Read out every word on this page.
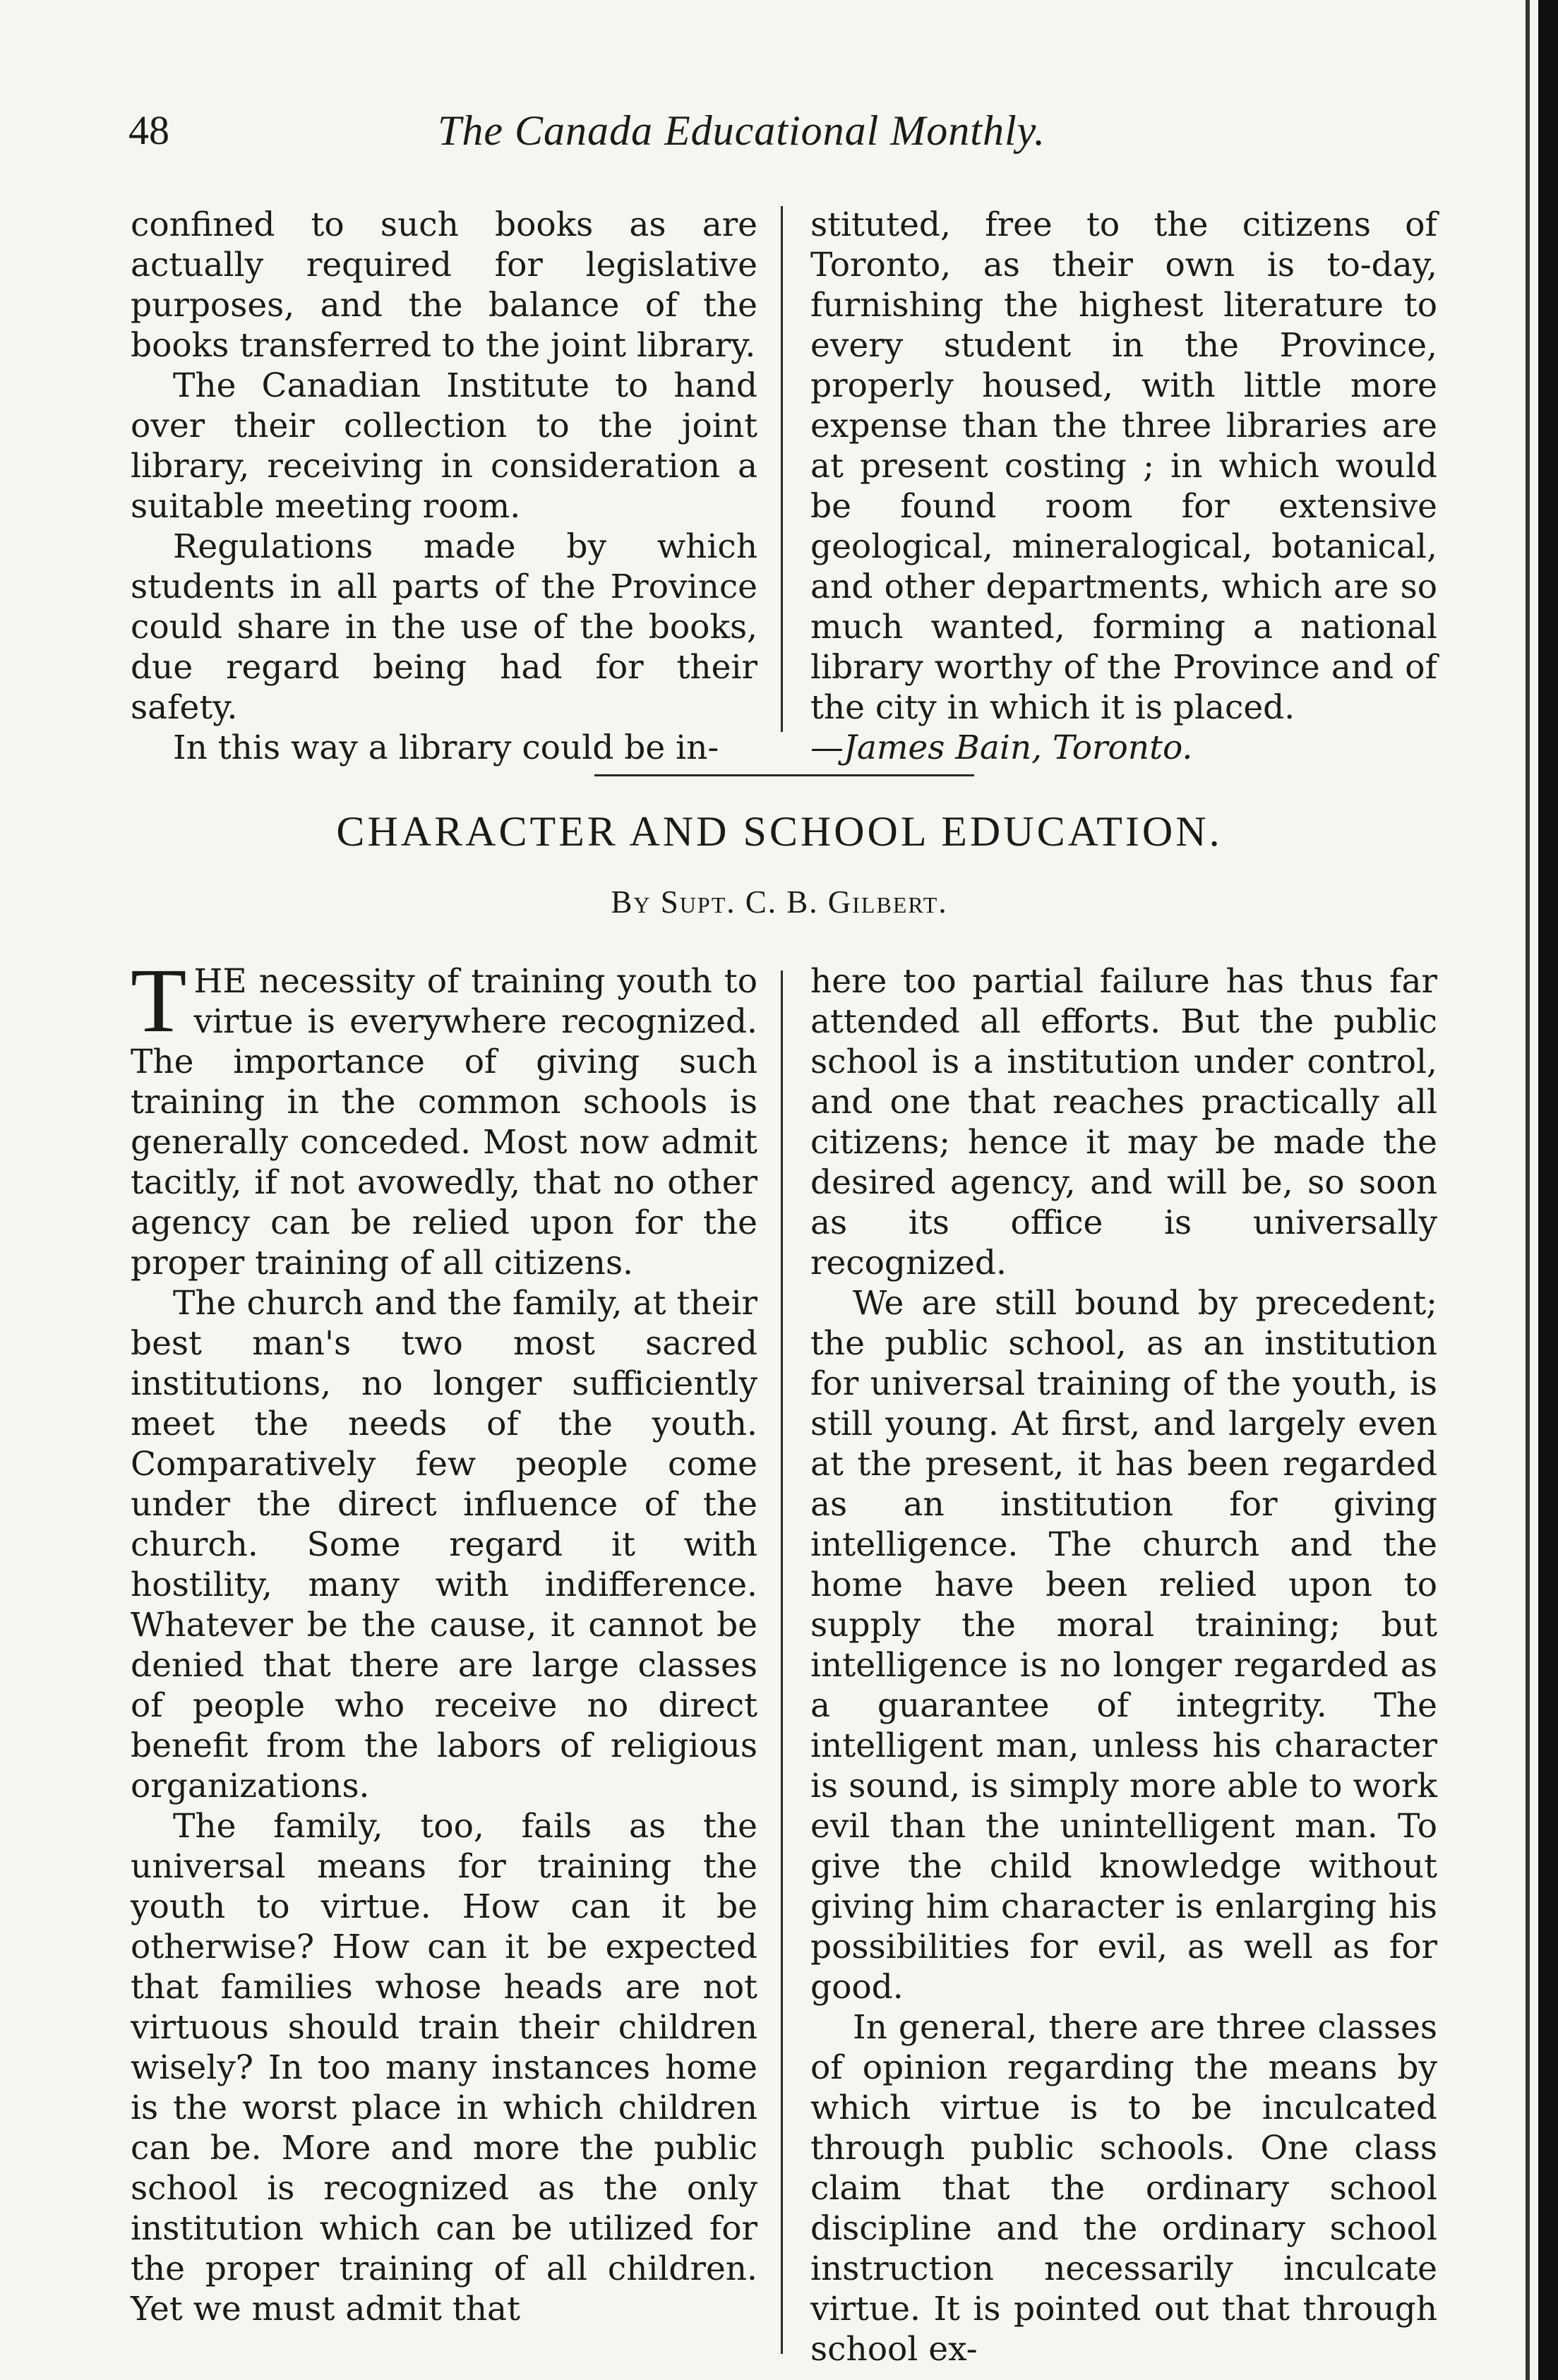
48	The Canada Educational Monthly.

confined to such books as are actually required for legislative purposes, and the balance of the books transferred to the joint library.

The Canadian Institute to hand over their collection to the joint library, receiving in consideration a suitable meeting room.

Regulations made by which students in all parts of the Province could share in the use of the books, due regard being had for their safety.

In this way a library could be in-

stituted, free to the citizens of Toronto, as their own is to-day, furnishing the highest literature to every student in the Province, properly housed, with little more expense than the three libraries are at present costing ; in which would be found room for extensive geological, mineralogical, botanical, and other departments, which are so much wanted, forming a national library worthy of the Province and of the city in which it is placed.

—James Bain, Toronto.

CHARACTER AND SCHOOL EDUCATION.
By Supt. C. B. Gilbert.

THE necessity of training youth to virtue is everywhere recognized. The importance of giving such training in the common schools is generally conceded. Most now admit tacitly, if not avowedly, that no other agency can be relied upon for the proper training of all citizens.

The church and the family, at their best man's two most sacred institutions, no longer sufficiently meet the needs of the youth. Comparatively few people come under the direct influence of the church. Some regard it with hostility, many with indifference. Whatever be the cause, it cannot be denied that there are large classes of people who receive no direct benefit from the labors of religious organizations.

The family, too, fails as the universal means for training the youth to virtue. How can it be otherwise? How can it be expected that families whose heads are not virtuous should train their children wisely? In too many instances home is the worst place in which children can be. More and more the public school is recognized as the only institution which can be utilized for the proper training of all children. Yet we must admit that

here too partial failure has thus far attended all efforts. But the public school is a institution under control, and one that reaches practically all citizens; hence it may be made the desired agency, and will be, so soon as its office is universally recognized.

We are still bound by precedent; the public school, as an institution for universal training of the youth, is still young. At first, and largely even at the present, it has been regarded as an institution for giving intelligence. The church and the home have been relied upon to supply the moral training; but intelligence is no longer regarded as a guarantee of integrity. The intelligent man, unless his character is sound, is simply more able to work evil than the unintelligent man. To give the child knowledge without giving him character is enlarging his possibilities for evil, as well as for good.

In general, there are three classes of opinion regarding the means by which virtue is to be inculcated through public schools. One class claim that the ordinary school discipline and the ordinary school instruction necessarily inculcate virtue. It is pointed out that through school ex-
